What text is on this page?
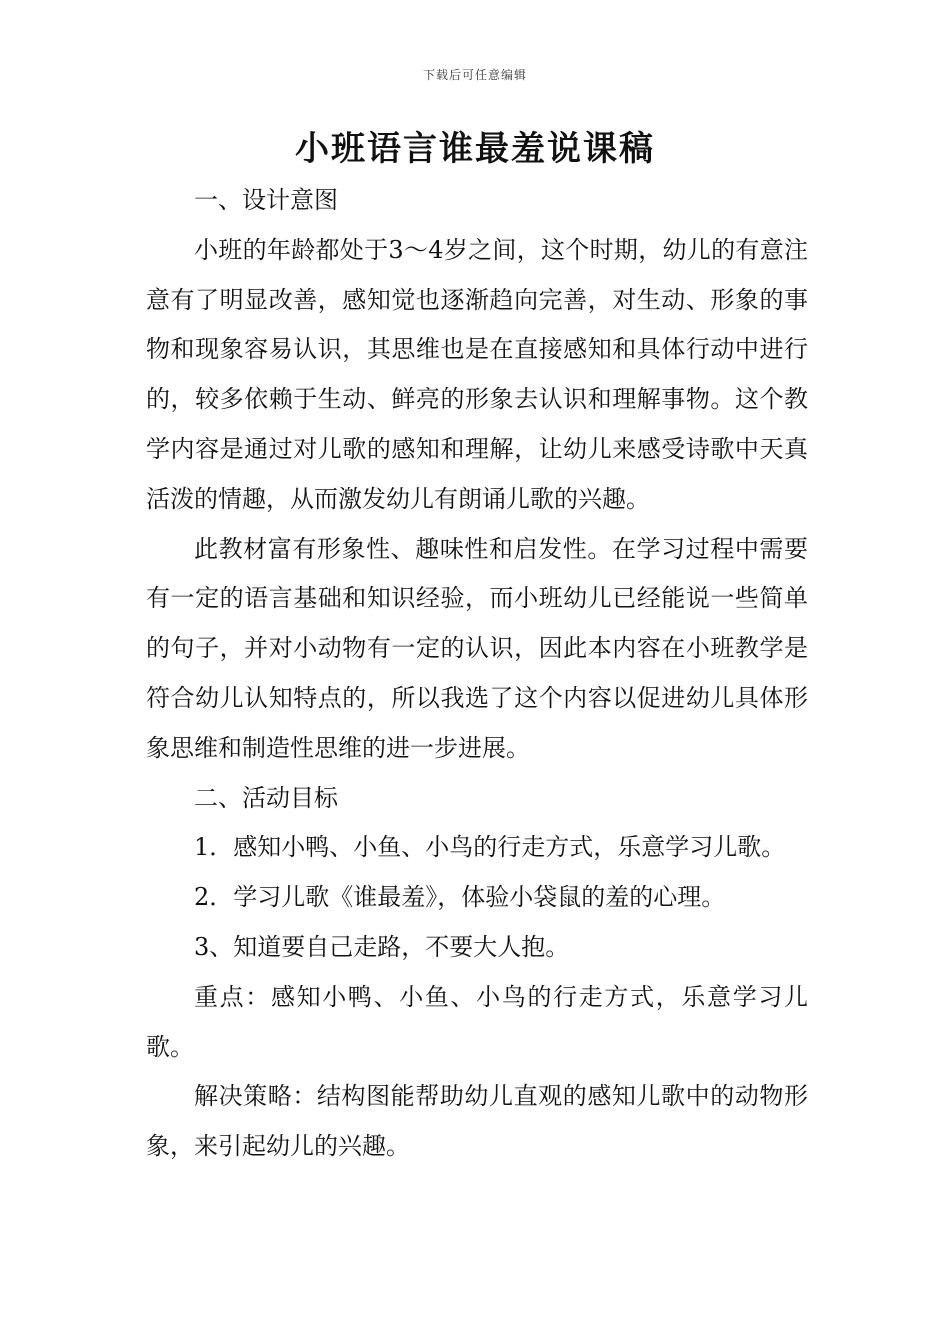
下载后可任意编辑
小班语言谁最羞说课稿

一、设计意图

小班的年龄都处于3～4岁之间，这个时期，幼儿的有意注意有了明显改善，感知觉也逐渐趋向完善，对生动、形象的事物和现象容易认识，其思维也是在直接感知和具体行动中进行的，较多依赖于生动、鲜亮的形象去认识和理解事物。这个教学内容是通过对儿歌的感知和理解，让幼儿来感受诗歌中天真活泼的情趣，从而激发幼儿有朗诵儿歌的兴趣。

此教材富有形象性、趣味性和启发性。在学习过程中需要有一定的语言基础和知识经验，而小班幼儿已经能说一些简单的句子，并对小动物有一定的认识，因此本内容在小班教学是符合幼儿认知特点的，所以我选了这个内容以促进幼儿具体形象思维和制造性思维的进一步进展。

二、活动目标

1．感知小鸭、小鱼、小鸟的行走方式，乐意学习儿歌。

2．学习儿歌《谁最羞》，体验小袋鼠的羞的心理。

3、知道要自己走路，不要大人抱。

重点：感知小鸭、小鱼、小鸟的行走方式，乐意学习儿歌。

解决策略：结构图能帮助幼儿直观的感知儿歌中的动物形象，来引起幼儿的兴趣。
